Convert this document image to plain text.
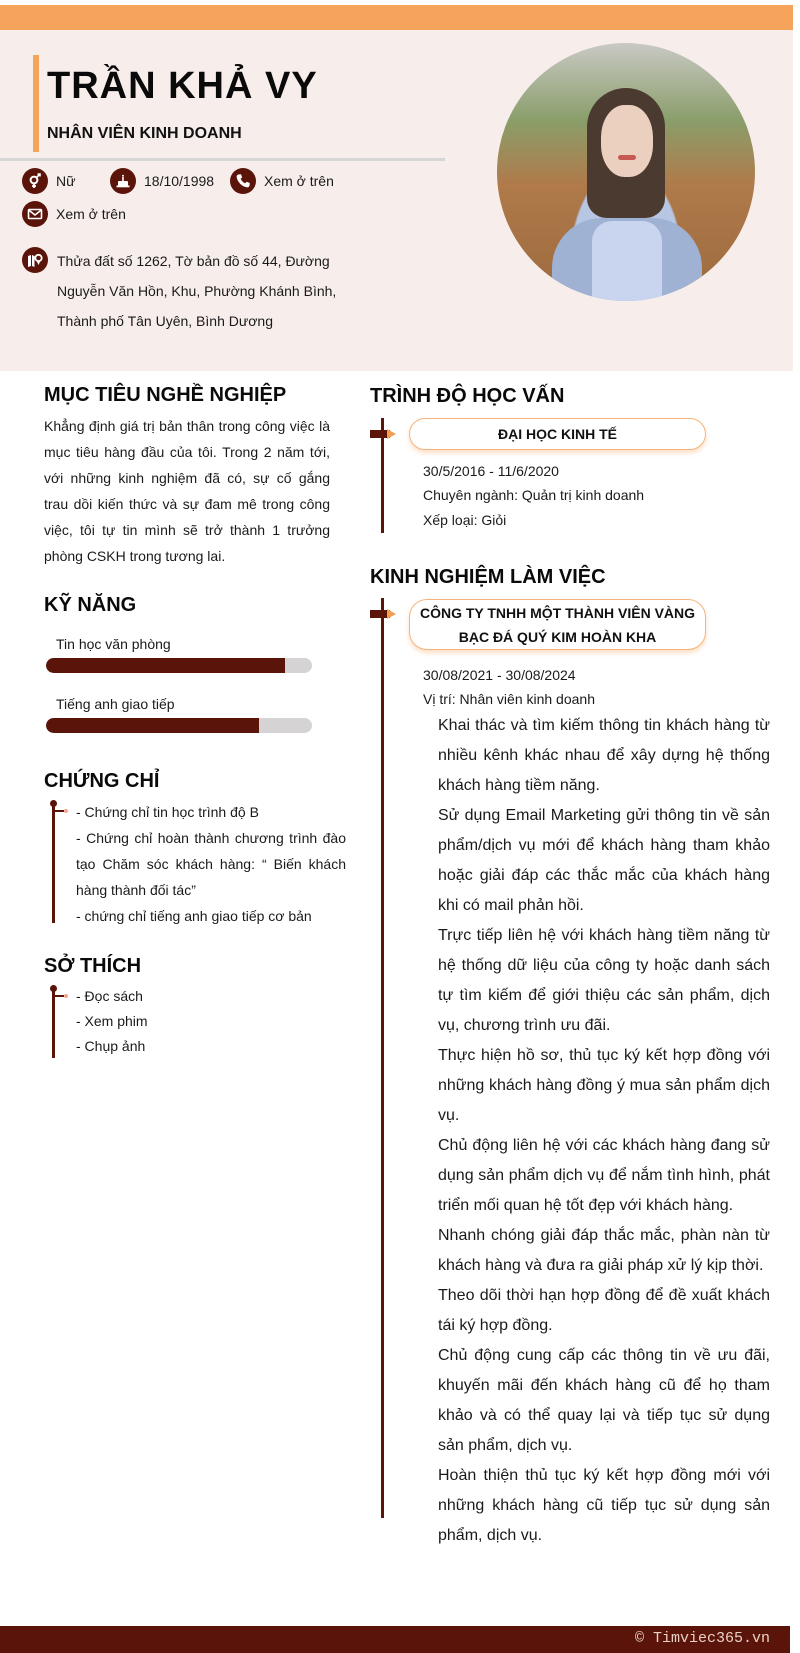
TRẦN KHẢ VY
NHÂN VIÊN KINH DOANH
Nữ	18/10/1998	Xem ở trên
Xem ở trên
Thửa đất số 1262, Tờ bản đồ số 44, Đường Nguyễn Văn Hồn, Khu, Phường Khánh Bình, Thành phố Tân Uyên, Bình Dương
MỤC TIÊU NGHỀ NGHIỆP
Khẳng định giá trị bản thân trong công việc là mục tiêu hàng đầu của tôi. Trong 2 năm tới, với những kinh nghiệm đã có, sự cố gắng trau dồi kiến thức và sự đam mê trong công việc, tôi tự tin mình sẽ trở thành 1 trưởng phòng CSKH trong tương lai.
KỸ NĂNG
Tin học văn phòng
Tiếng anh giao tiếp
CHỨNG CHỈ
- Chứng chỉ tin học trình độ B
- Chứng chỉ hoàn thành chương trình đào tạo Chăm sóc khách hàng: “ Biến khách hàng thành đối tác”
- chứng chỉ tiếng anh giao tiếp cơ bản
SỞ THÍCH
- Đọc sách
- Xem phim
- Chụp ảnh
TRÌNH ĐỘ HỌC VẤN
ĐẠI HỌC KINH TẾ
30/5/2016 - 11/6/2020
Chuyên ngành: Quản trị kinh doanh
Xếp loại: Giỏi
KINH NGHIỆM LÀM VIỆC
CÔNG TY TNHH MỘT THÀNH VIÊN VÀNG BẠC ĐÁ QUÝ KIM HOÀN KHA
30/08/2021 - 30/08/2024
Vị trí: Nhân viên kinh doanh
Khai thác và tìm kiếm thông tin khách hàng từ nhiều kênh khác nhau để xây dựng hệ thống khách hàng tiềm năng.
Sử dụng Email Marketing gửi thông tin về sản phẩm/dịch vụ mới để khách hàng tham khảo hoặc giải đáp các thắc mắc của khách hàng khi có mail phản hồi.
Trực tiếp liên hệ với khách hàng tiềm năng từ hệ thống dữ liệu của công ty hoặc danh sách tự tìm kiếm để giới thiệu các sản phẩm, dịch vụ, chương trình ưu đãi.
Thực hiện hồ sơ, thủ tục ký kết hợp đồng với những khách hàng đồng ý mua sản phẩm dịch vụ.
Chủ động liên hệ với các khách hàng đang sử dụng sản phẩm dịch vụ để nắm tình hình, phát triển mối quan hệ tốt đẹp với khách hàng.
Nhanh chóng giải đáp thắc mắc, phàn nàn từ khách hàng và đưa ra giải pháp xử lý kịp thời.
Theo dõi thời hạn hợp đồng để đề xuất khách tái ký hợp đồng.
Chủ động cung cấp các thông tin về ưu đãi, khuyến mãi đến khách hàng cũ để họ tham khảo và có thể quay lại và tiếp tục sử dụng sản phẩm, dịch vụ.
Hoàn thiện thủ tục ký kết hợp đồng mới với những khách hàng cũ tiếp tục sử dụng sản phẩm, dịch vụ.
© Timviec365.vn
